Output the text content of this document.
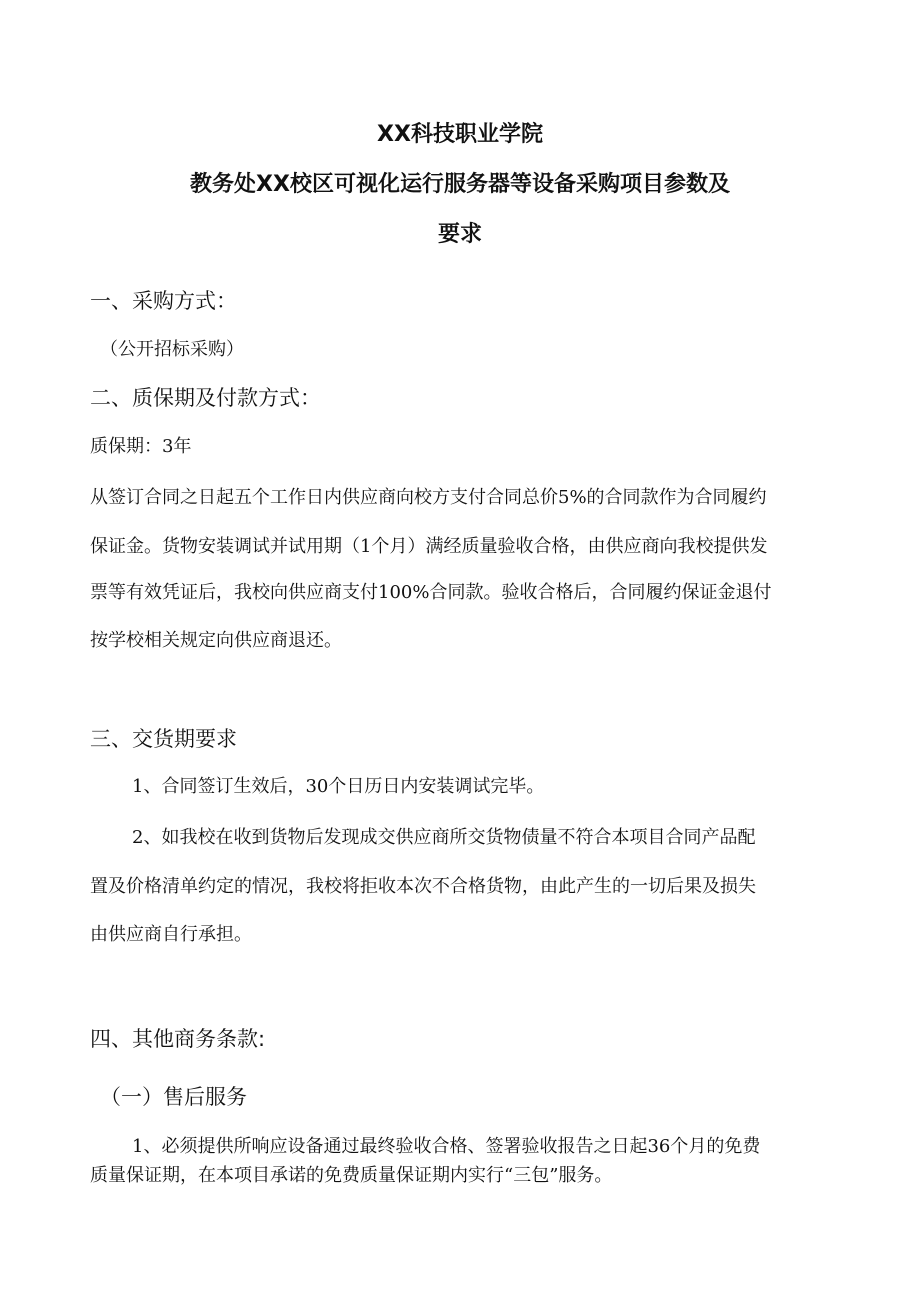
XX科技职业学院
教务处XX校区可视化运行服务器等设备采购项目参数及
要求
一、采购方式：
（公开招标采购）
二、质保期及付款方式：
质保期：3年
从签订合同之日起五个工作日内供应商向校方支付合同总价5%的合同款作为合同履约
保证金。货物安装调试并试用期（1个月）满经质量验收合格，由供应商向我校提供发
票等有效凭证后，我校向供应商支付100%合同款。验收合格后，合同履约保证金退付
按学校相关规定向供应商退还。
三、交货期要求
1、合同签订生效后，30个日历日内安装调试完毕。
2、如我校在收到货物后发现成交供应商所交货物债量不符合本项目合同产品配
置及价格清单约定的情况，我校将拒收本次不合格货物，由此产生的一切后果及损失
由供应商自行承担。
四、其他商务条款:
（一）售后服务
1、必须提供所响应设备通过最终验收合格、签署验收报告之日起36个月的免费
质量保证期，在本项目承诺的免费质量保证期内实行“三包”服务。
